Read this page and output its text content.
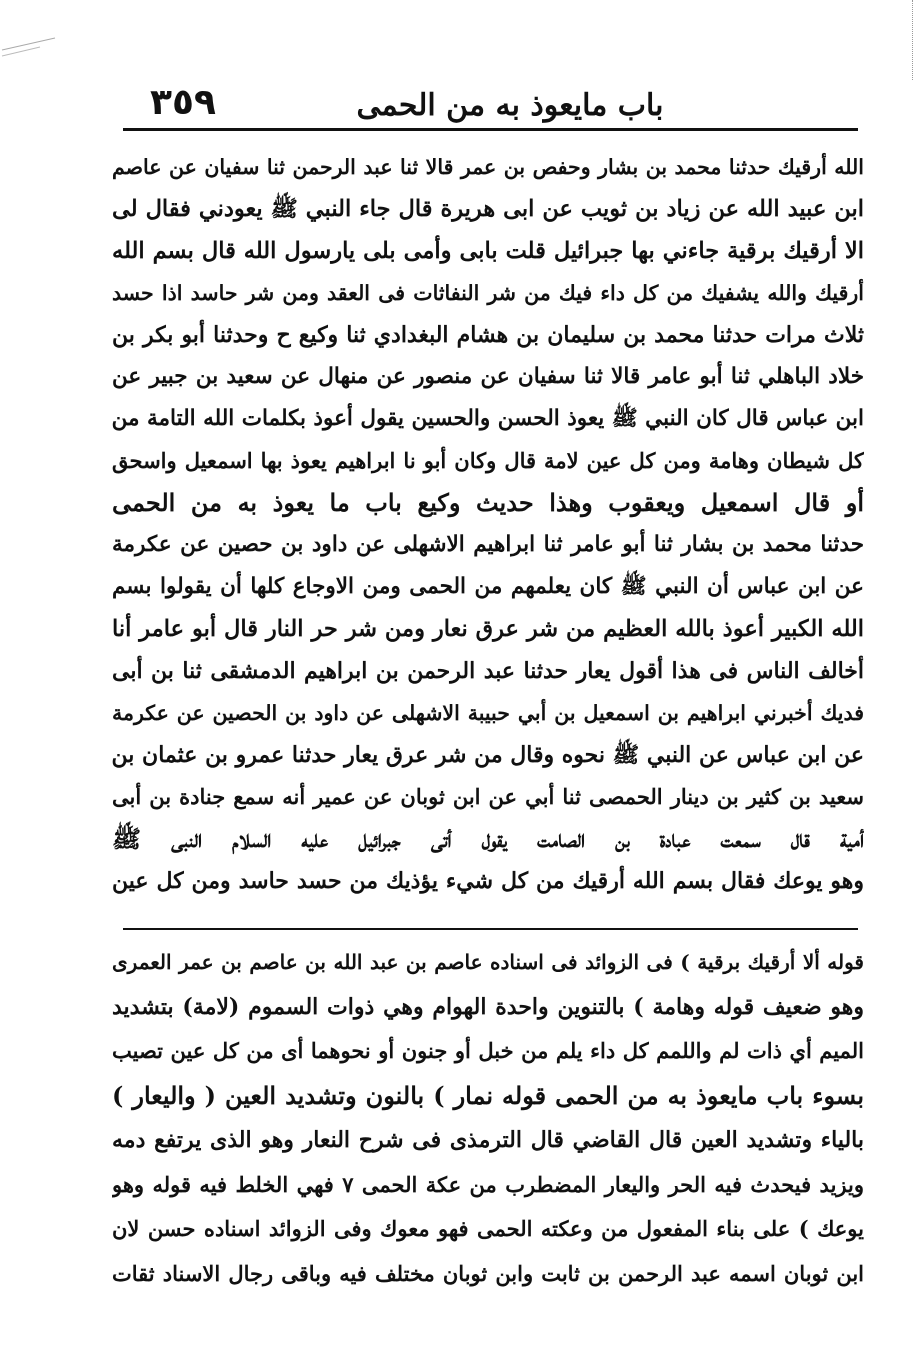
٣٥٩	باب مايعوذ به من الحمى
الله أرقيك حدثنا محمد بن بشار وحفص بن عمر قالا ثنا عبد الرحمن ثنا سفيان عن عاصم
ابن عبيد الله عن زياد بن ثويب عن ابى هريرة قال جاء النبي ﷺ يعودني فقال لى
الا أرقيك برقية جاءني بها جبرائيل قلت بابى وأمى بلى يارسول الله قال بسم الله
أرقيك والله يشفيك من كل داء فيك من شر النفاثات فى العقد ومن شر حاسد اذا حسد
ثلاث مرات حدثنا محمد بن سليمان بن هشام البغدادي ثنا وكيع ح وحدثنا أبو بكر بن
خلاد الباهلي ثنا أبو عامر قالا ثنا سفيان عن منصور عن منهال عن سعيد بن جبير عن
ابن عباس قال كان النبي ﷺ يعوذ الحسن والحسين يقول أعوذ بكلمات الله التامة من
كل شيطان وهامة ومن كل عين لامة قال وكان أبو نا ابراهيم يعوذ بها اسمعيل واسحق
أو قال اسمعيل ويعقوب وهذا حديث وكيع باب ما يعوذ به من الحمى
حدثنا محمد بن بشار ثنا أبو عامر ثنا ابراهيم الاشهلى عن داود بن حصين عن عكرمة
عن ابن عباس أن النبي ﷺ كان يعلمهم من الحمى ومن الاوجاع كلها أن يقولوا بسم
الله الكبير أعوذ بالله العظيم من شر عرق نعار ومن شر حر النار قال أبو عامر أنا
أخالف الناس فى هذا أقول يعار حدثنا عبد الرحمن بن ابراهيم الدمشقى ثنا بن أبى
فديك أخبرني ابراهيم بن اسمعيل بن أبي حبيبة الاشهلى عن داود بن الحصين عن عكرمة
عن ابن عباس عن النبي ﷺ نحوه وقال من شر عرق يعار حدثنا عمرو بن عثمان بن
سعيد بن كثير بن دينار الحمصى ثنا أبي عن ابن ثوبان عن عمير أنه سمع جنادة بن أبى
أمية قال سمعت عبادة بن الصامت يقول أتى جبرائيل عليه السلام النبى ﷺ
وهو يوعك فقال بسم الله أرقيك من كل شيء يؤذيك من حسد حاسد ومن كل عين
قوله ألا أرقيك برقية ) فى الزوائد فى اسناده عاصم بن عبد الله بن عاصم بن عمر العمرى
وهو ضعيف قوله وهامة ) بالتنوين واحدة الهوام وهي ذوات السموم (لامة) بتشديد
الميم أي ذات لم واللمم كل داء يلم من خبل أو جنون أو نحوهما أى من كل عين تصيب
بسوء باب مايعوذ به من الحمى قوله نمار ) بالنون وتشديد العين ( واليعار )
بالياء وتشديد العين قال القاضي قال الترمذى فى شرح النعار وهو الذى يرتفع دمه
ويزيد فيحدث فيه الحر واليعار المضطرب من عكة الحمى ٧ فهي الخلط فيه قوله وهو
يوعك ) على بناء المفعول من وعكته الحمى فهو معوك وفى الزوائد اسناده حسن لان
ابن ثوبان اسمه عبد الرحمن بن ثابت وابن ثوبان مختلف فيه وباقى رجال الاسناد ثقات
